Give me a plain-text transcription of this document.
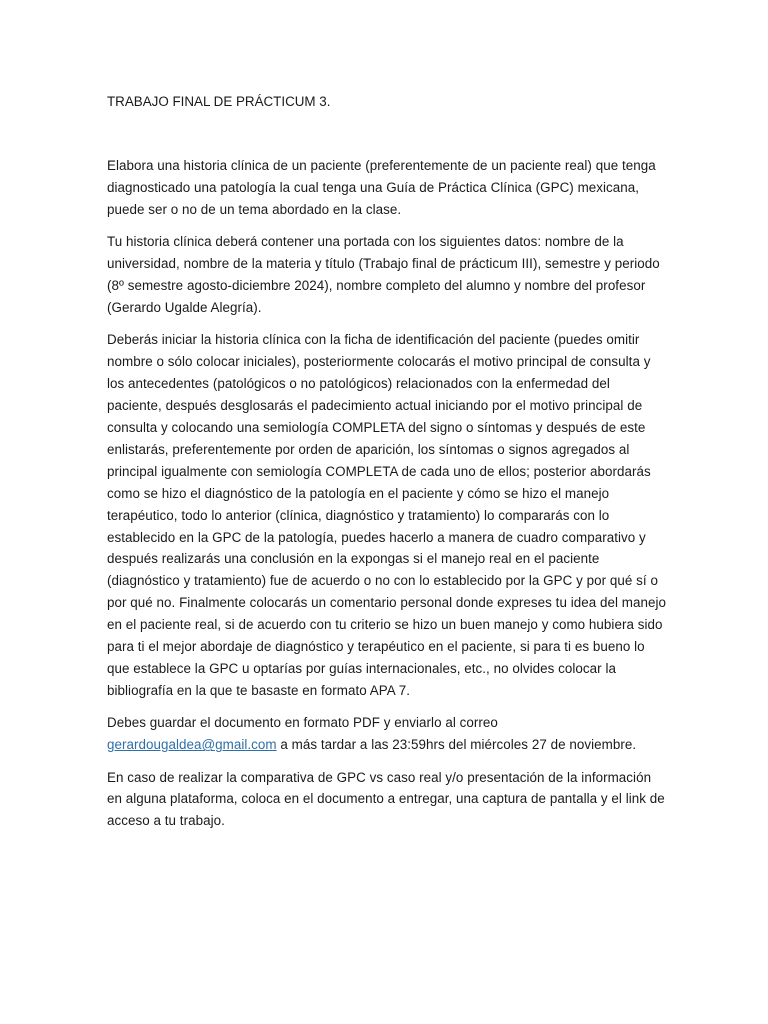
TRABAJO FINAL DE PRÁCTICUM 3.

Elabora una historia clínica de un paciente (preferentemente de un paciente real) que tenga diagnosticado una patología la cual tenga una Guía de Práctica Clínica (GPC) mexicana, puede ser o no de un tema abordado en la clase.

Tu historia clínica deberá contener una portada con los siguientes datos: nombre de la universidad, nombre de la materia y título (Trabajo final de prácticum III), semestre y periodo (8º semestre agosto-diciembre 2024), nombre completo del alumno y nombre del profesor (Gerardo Ugalde Alegría).

Deberás iniciar la historia clínica con la ficha de identificación del paciente (puedes omitir nombre o sólo colocar iniciales), posteriormente colocarás el motivo principal de consulta y los antecedentes (patológicos o no patológicos) relacionados con la enfermedad del paciente, después desglosarás el padecimiento actual iniciando por el motivo principal de consulta y colocando una semiología COMPLETA del signo o síntomas y después de este enlistarás, preferentemente por orden de aparición, los síntomas o signos agregados al principal igualmente con semiología COMPLETA de cada uno de ellos; posterior abordarás como se hizo el diagnóstico de la patología en el paciente y cómo se hizo el manejo terapéutico, todo lo anterior (clínica, diagnóstico y tratamiento) lo compararás con lo establecido en la GPC de la patología, puedes hacerlo a manera de cuadro comparativo y después realizarás una conclusión en la expongas si el manejo real en el paciente (diagnóstico y tratamiento) fue de acuerdo o no con lo establecido por la GPC y por qué sí o por qué no. Finalmente colocarás un comentario personal donde expreses tu idea del manejo en el paciente real, si de acuerdo con tu criterio se hizo un buen manejo y como hubiera sido para ti el mejor abordaje de diagnóstico y terapéutico en el paciente, si para ti es bueno lo que establece la GPC u optarías por guías internacionales, etc., no olvides colocar la bibliografía en la que te basaste en formato APA 7.

Debes guardar el documento en formato PDF y enviarlo al correo gerardougaldea@gmail.com a más tardar a las 23:59hrs del miércoles 27 de noviembre.

En caso de realizar la comparativa de GPC vs caso real y/o presentación de la información en alguna plataforma, coloca en el documento a entregar, una captura de pantalla y el link de acceso a tu trabajo.
